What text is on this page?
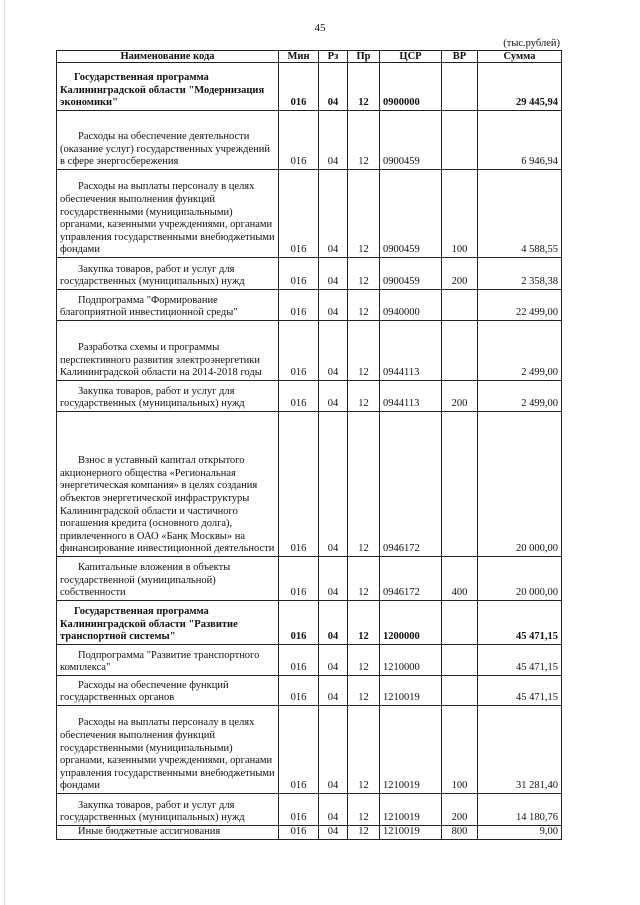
45
(тыс.рублей)
Наименование кода	Мин	Рз	Пр	ЦСР	ВР	Сумма

Государственная программа Калининградской области "Модернизация экономики"	016	04	12	0900000		29 445,94

Расходы на обеспечение деятельности (оказание услуг) государственных учреждений в сфере энергосбережения	016	04	12	0900459		6 946,94

Расходы на выплаты персоналу в целях обеспечения выполнения функций государственными (муниципальными) органами, казенными учреждениями, органами управления государственными внебюджетными фондами	016	04	12	0900459	100	4 588,55

Закупка товаров, работ и услуг для государственных (муниципальных) нужд	016	04	12	0900459	200	2 358,38

Подпрограмма "Формирование благоприятной инвестиционной среды"	016	04	12	0940000		22 499,00

Разработка схемы и программы перспективного развития электроэнергетики Калининградской области на 2014-2018 годы	016	04	12	0944113		2 499,00

Закупка товаров, работ и услуг для государственных (муниципальных) нужд	016	04	12	0944113	200	2 499,00

Взнос в уставный капитал открытого акционерного общества «Региональная энергетическая компания» в целях создания объектов энергетической инфраструктуры Калининградской области и частичного погашения кредита (основного долга), привлеченного в ОАО «Банк Москвы» на финансирование инвестиционной деятельности	016	04	12	0946172		20 000,00

Капитальные вложения в объекты государственной (муниципальной) собственности	016	04	12	0946172	400	20 000,00

Государственная программа Калининградской области "Развитие транспортной системы"	016	04	12	1200000		45 471,15

Подпрограмма "Развитие транспортного комплекса"	016	04	12	1210000		45 471,15

Расходы на обеспечение функций государственных органов	016	04	12	1210019		45 471,15

Расходы на выплаты персоналу в целях обеспечения выполнения функций государственными (муниципальными) органами, казенными учреждениями, органами управления государственными внебюджетными фондами	016	04	12	1210019	100	31 281,40

Закупка товаров, работ и услуг для государственных (муниципальных) нужд	016	04	12	1210019	200	14 180,76

Иные бюджетные ассигнования	016	04	12	1210019	800	9,00
